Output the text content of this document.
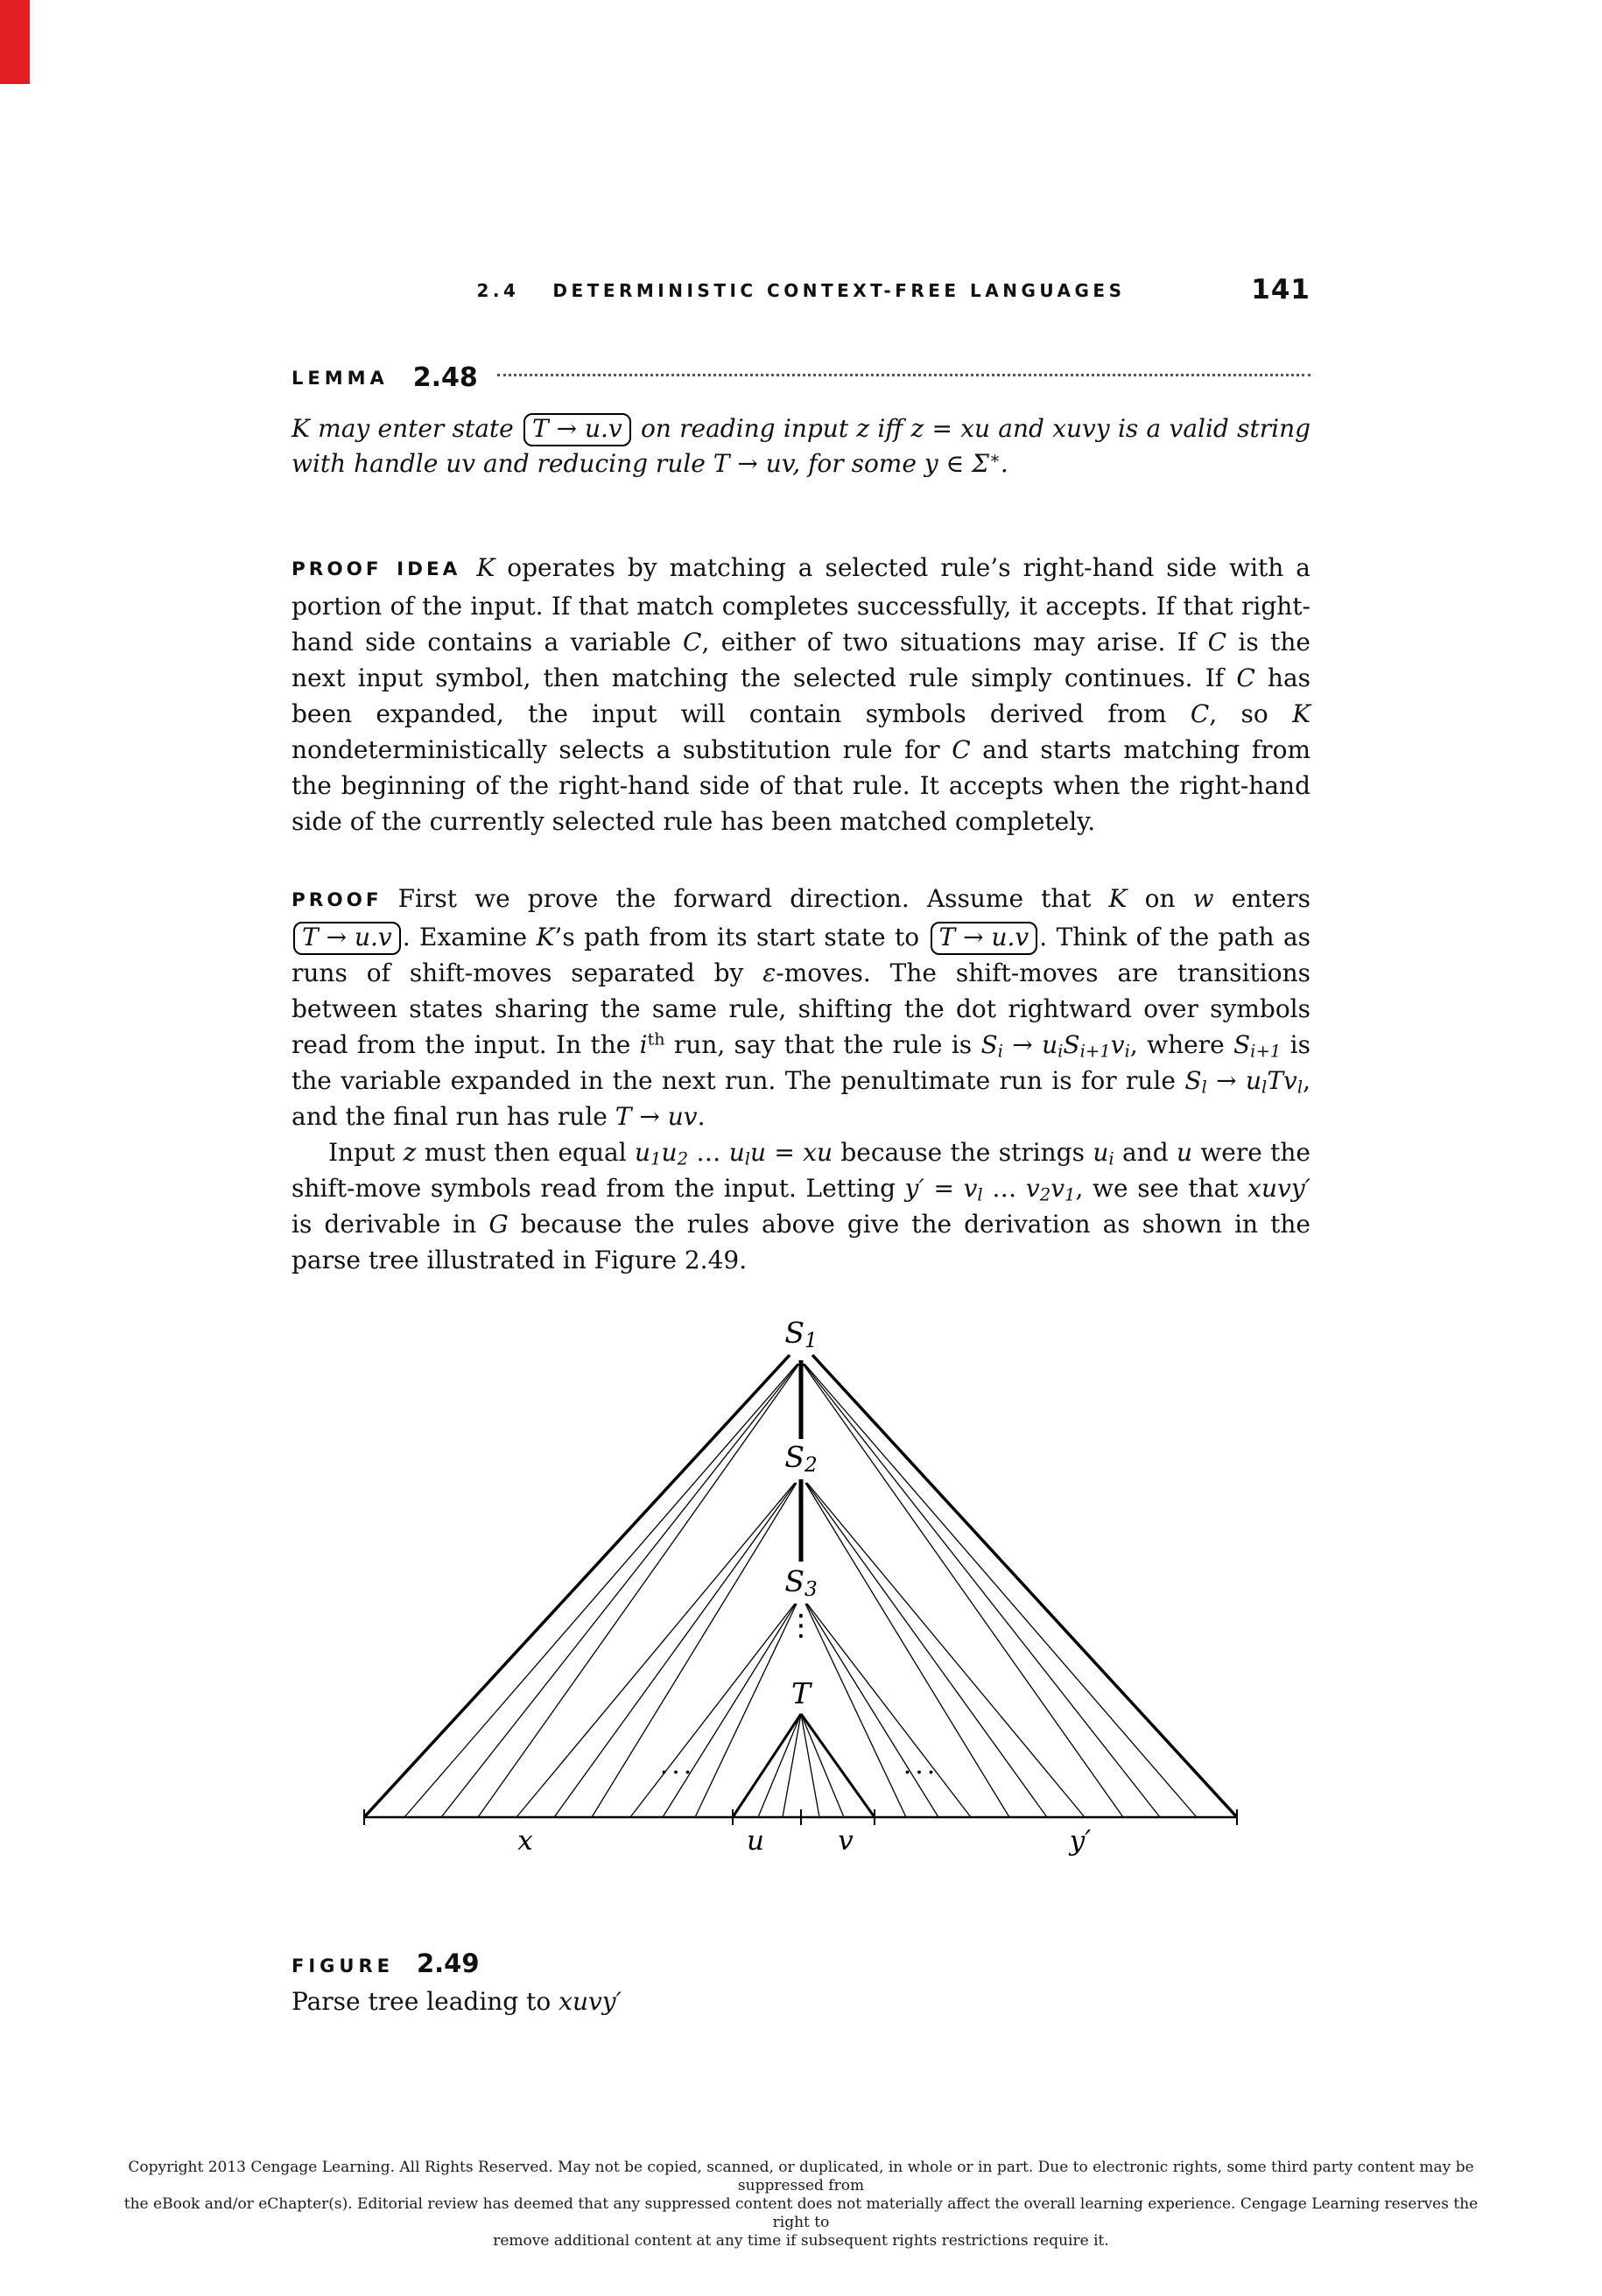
2.4 DETERMINISTIC CONTEXT-FREE LANGUAGES	141
LEMMA 2.48

K may enter state T → u.v on reading input z iff z = xu and xuvy is a valid string with handle uv and reducing rule T → uv, for some y ∈ Σ∗.

PROOF IDEA K operates by matching a selected rule’s right-hand side with a portion of the input. If that match completes successfully, it accepts. If that right-hand side contains a variable C, either of two situations may arise. If C is the next input symbol, then matching the selected rule simply continues. If C has been expanded, the input will contain symbols derived from C, so K nondeterministically selects a substitution rule for C and starts matching from the beginning of the right-hand side of that rule. It accepts when the right-hand side of the currently selected rule has been matched completely.

PROOF First we prove the forward direction. Assume that K on w enters T → u.v . Examine K’s path from its start state to T → u.v . Think of the path as runs of shift-moves separated by ε-moves. The shift-moves are transitions between states sharing the same rule, shifting the dot rightward over symbols read from the input. In the $i^{th}$ run, say that the rule is Si → uiSi+1vi, where Si+1 is the variable expanded in the next run. The penultimate run is for rule Sl → ulTvl, and the final run has rule T → uv.

Input z must then equal u1u2 … ulu = xu because the strings ui and u were the shift-move symbols read from the input. Letting y′ = vl … v2v1, we see that xuvy′ is derivable in G because the rules above give the derivation as shown in the parse tree illustrated in Figure 2.49.

S1
S2
S3
⋮
T
...	...
x	u	v	y′
FIGURE 2.49
Parse tree leading to xuvy′
Copyright 2013 Cengage Learning. All Rights Reserved. May not be copied, scanned, or duplicated, in whole or in part. Due to electronic rights, some third party content may be suppressed from
the eBook and/or eChapter(s). Editorial review has deemed that any suppressed content does not materially affect the overall learning experience. Cengage Learning reserves the right to
remove additional content at any time if subsequent rights restrictions require it.
